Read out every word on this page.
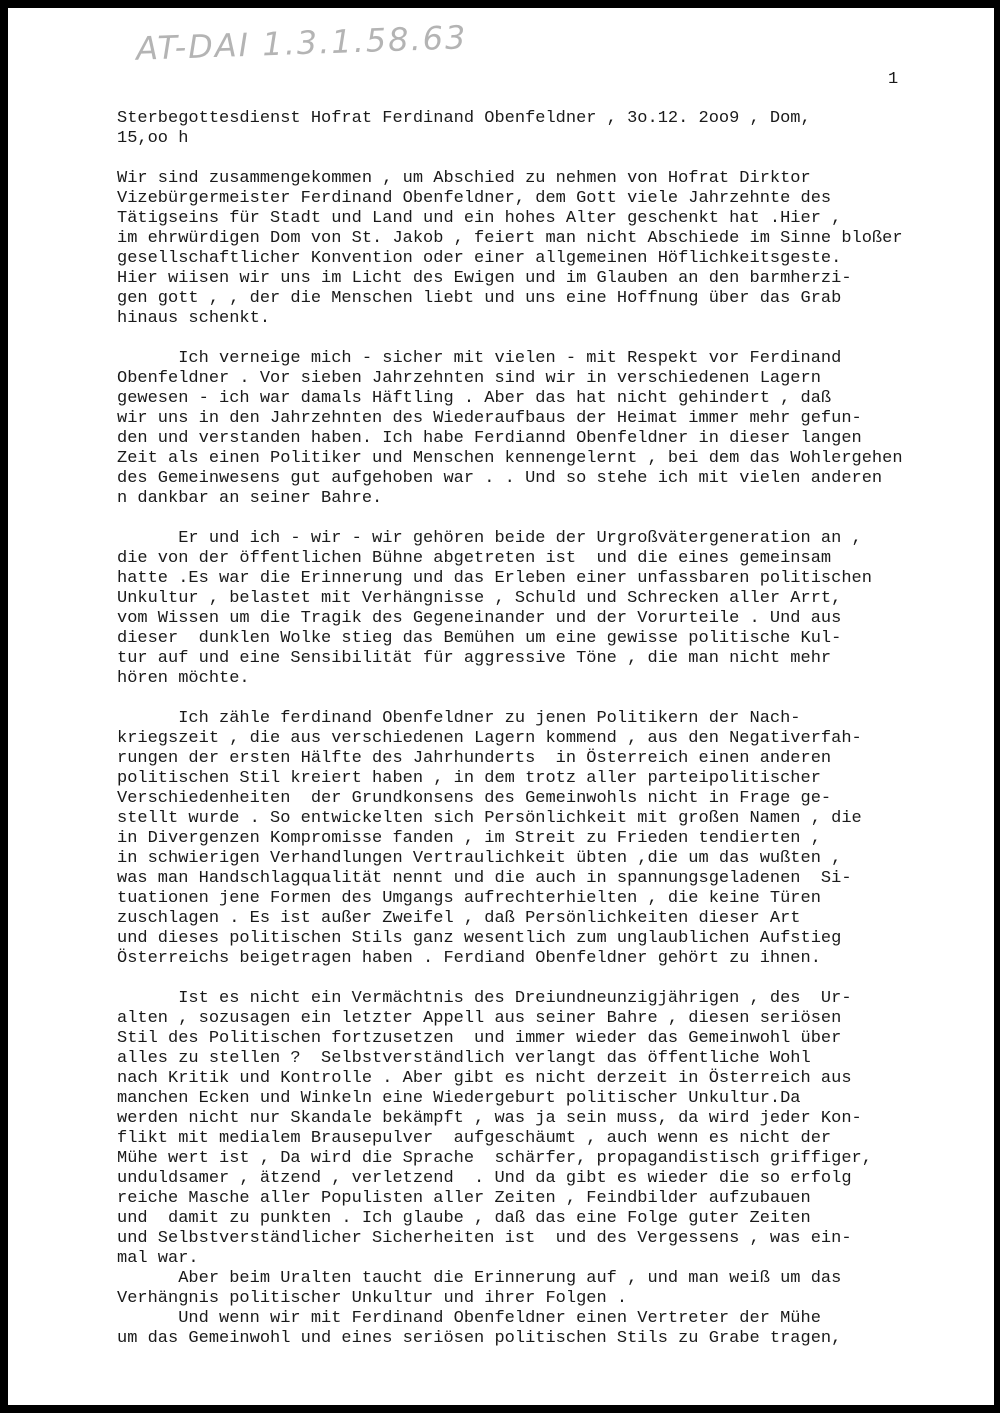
AT-DAI 1.3.1.58.63
1
Sterbegottesdienst Hofrat Ferdinand Obenfeldner , 3o.12. 2oo9 , Dom,
15,oo h
Wir sind zusammengekommen , um Abschied zu nehmen von Hofrat Dirktor
Vizebürgermeister Ferdinand Obenfeldner, dem Gott viele Jahrzehnte des
Tätigseins für Stadt und Land und ein hohes Alter geschenkt hat .Hier ,
im ehrwürdigen Dom von St. Jakob , feiert man nicht Abschiede im Sinne bloßer
gesellschaftlicher Konvention oder einer allgemeinen Höflichkeitsgeste.
Hier wiisen wir uns im Licht des Ewigen und im Glauben an den barmherzi-
gen gott , , der die Menschen liebt und uns eine Hoffnung über das Grab
hinaus schenkt.
Ich verneige mich - sicher mit vielen - mit Respekt vor Ferdinand
Obenfeldner . Vor sieben Jahrzehnten sind wir in verschiedenen Lagern
gewesen - ich war damals Häftling . Aber das hat nicht gehindert , daß
wir uns in den Jahrzehnten des Wiederaufbaus der Heimat immer mehr gefun-
den und verstanden haben. Ich habe Ferdiannd Obenfeldner in dieser langen
Zeit als einen Politiker und Menschen kennengelernt , bei dem das Wohlergehen
des Gemeinwesens gut aufgehoben war . . Und so stehe ich mit vielen anderen
n dankbar an seiner Bahre.
Er und ich - wir - wir gehören beide der Urgroßvätergeneration an ,
die von der öffentlichen Bühne abgetreten ist  und die eines gemeinsam
hatte .Es war die Erinnerung und das Erleben einer unfassbaren politischen
Unkultur , belastet mit Verhängnisse , Schuld und Schrecken aller Arrt,
vom Wissen um die Tragik des Gegeneinander und der Vorurteile . Und aus
dieser  dunklen Wolke stieg das Bemühen um eine gewisse politische Kul-
tur auf und eine Sensibilität für aggressive Töne , die man nicht mehr
hören möchte.
Ich zähle ferdinand Obenfeldner zu jenen Politikern der Nach-
kriegszeit , die aus verschiedenen Lagern kommend , aus den Negativerfah-
rungen der ersten Hälfte des Jahrhunderts  in Österreich einen anderen
politischen Stil kreiert haben , in dem trotz aller parteipolitischer
Verschiedenheiten  der Grundkonsens des Gemeinwohls nicht in Frage ge-
stellt wurde . So entwickelten sich Persönlichkeit mit großen Namen , die
in Divergenzen Kompromisse fanden , im Streit zu Frieden tendierten ,
in schwierigen Verhandlungen Vertraulichkeit übten ,die um das wußten ,
was man Handschlagqualität nennt und die auch in spannungsgeladenen  Si-
tuationen jene Formen des Umgangs aufrechterhielten , die keine Türen
zuschlagen . Es ist außer Zweifel , daß Persönlichkeiten dieser Art
und dieses politischen Stils ganz wesentlich zum unglaublichen Aufstieg
Österreichs beigetragen haben . Ferdiand Obenfeldner gehört zu ihnen.
Ist es nicht ein Vermächtnis des Dreiundneunzigjährigen , des  Ur-
alten , sozusagen ein letzter Appell aus seiner Bahre , diesen seriösen
Stil des Politischen fortzusetzen  und immer wieder das Gemeinwohl über
alles zu stellen ?  Selbstverständlich verlangt das öffentliche Wohl
nach Kritik und Kontrolle . Aber gibt es nicht derzeit in Österreich aus
manchen Ecken und Winkeln eine Wiedergeburt politischer Unkultur.Da
werden nicht nur Skandale bekämpft , was ja sein muss, da wird jeder Kon-
flikt mit medialem Brausepulver  aufgeschäumt , auch wenn es nicht der
Mühe wert ist , Da wird die Sprache  schärfer, propagandistisch griffiger,
unduldsamer , ätzend , verletzend  . Und da gibt es wieder die so erfolg
reiche Masche aller Populisten aller Zeiten , Feindbilder aufzubauen
und  damit zu punkten . Ich glaube , daß das eine Folge guter Zeiten
und Selbstverständlicher Sicherheiten ist  und des Vergessens , was ein-
mal war.
Aber beim Uralten taucht die Erinnerung auf , und man weiß um das
Verhängnis politischer Unkultur und ihrer Folgen .
Und wenn wir mit Ferdinand Obenfeldner einen Vertreter der Mühe
um das Gemeinwohl und eines seriösen politischen Stils zu Grabe tragen,
